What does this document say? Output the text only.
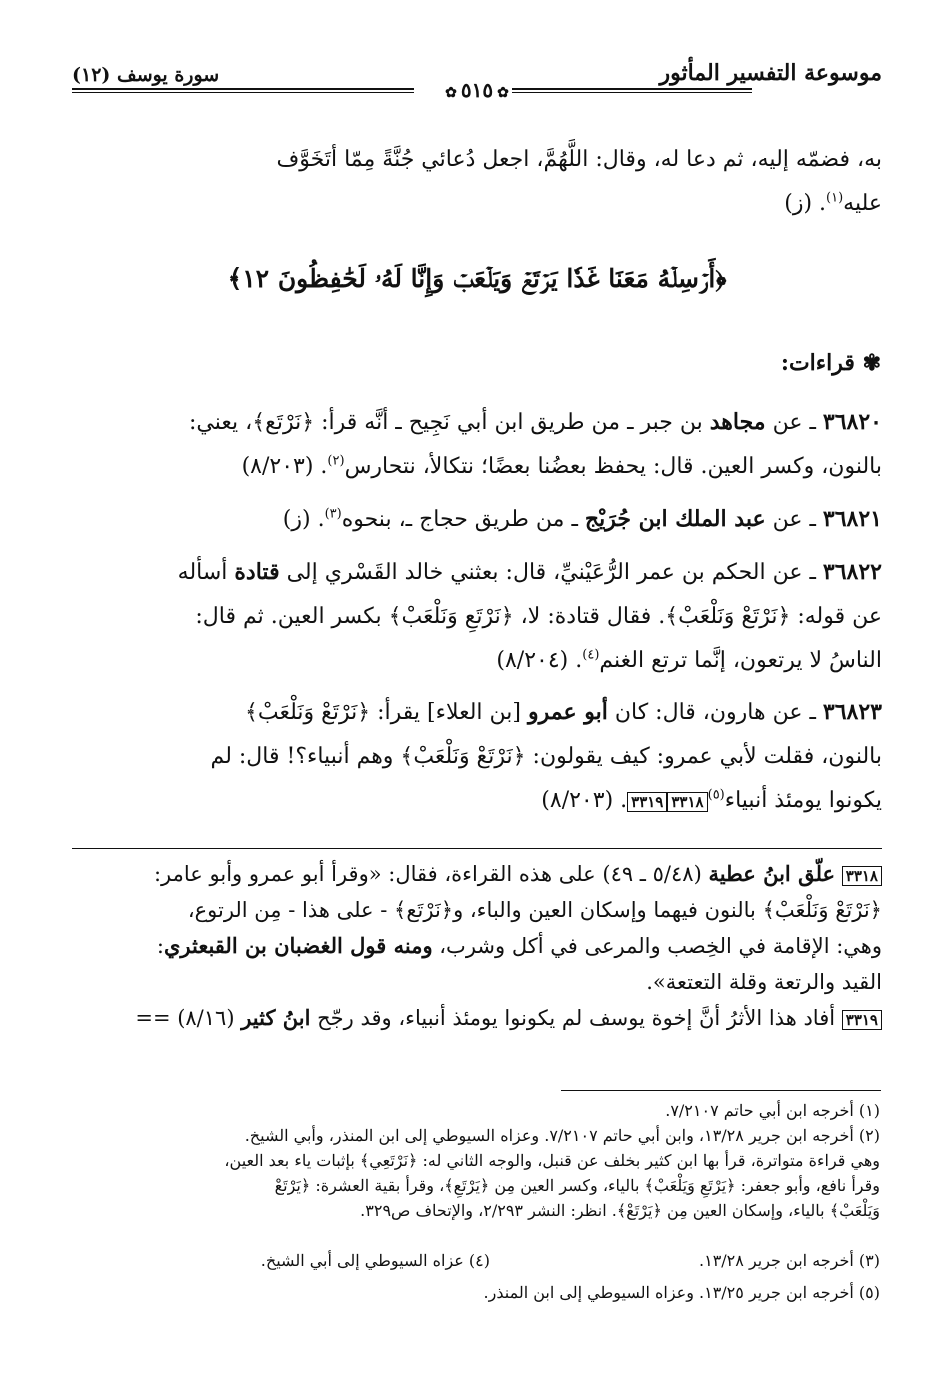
موسوعة التفسير المأثور
سورة يوسف (١٢)
✿ ٥١٥ ✿
به، فضمّه إليه، ثم دعا له، وقال: اللَّهُمَّ، اجعل دُعائي جُنَّةً مِمّا أتَخَوَّف
عليه$^{(١)}$. (ز)
﴿أَرۡسِلۡهُ مَعَنَا غَدٗا يَرۡتَعۡ وَيَلۡعَبۡ وَإِنَّا لَهُۥ لَحَٰفِظُونَ ١٢﴾
✾ قراءات:
٣٦٨٢٠ ـ عن مجاهد بن جبر ـ من طريق ابن أبي نَجِيح ـ أنَّه قرأ: ﴿نَرْتَع﴾، يعني:
بالنون، وكسر العين. قال: يحفظ بعضُنا بعضًا؛ نتكالأ، نتحارس$^{(٢)}$. (٨/٢٠٣)
٣٦٨٢١ ـ عن عبد الملك ابن جُرَيْج ـ من طريق حجاج ـ، بنحوه$^{(٣)}$. (ز)
٣٦٨٢٢ ـ عن الحكم بن عمر الرُّعَيْنيِّ، قال: بعثني خالد القَسْري إلى قتادة أسأله
عن قوله: ﴿نَرْتَعْ وَنَلْعَبْ﴾. فقال قتادة: لا، ﴿نَرْتَعِ وَنَلْعَبْ﴾ بكسر العين. ثم قال:
الناسُ لا يرتعون، إنَّما ترتع الغنم$^{(٤)}$. (٨/٢٠٤)
٣٦٨٢٣ ـ عن هارون، قال: كان أبو عمرو [بن العلاء] يقرأ: ﴿نَرْتَعْ وَنَلْعَبْ﴾
بالنون، فقلت لأبي عمرو: كيف يقولون: ﴿نَرْتَعْ وَنَلْعَبْ﴾ وهم أنبياء؟! قال: لم
يكونوا يومئذ أنبياء$^{(٥)}$٣٣١٨٣٣١٩. (٨/٢٠٣)
٣٣١٨ علّق ابنُ عطية (٥/٤٨ ـ ٤٩) على هذه القراءة، فقال: «وقرأ أبو عمرو وأبو عامر:
﴿نَرْتَعْ وَنَلْعَبْ﴾ بالنون فيهما وإسكان العين والباء، و﴿نَرْتَع﴾ - على هذا - مِن الرتوع،
وهي: الإقامة في الخِصب والمرعى في أكل وشرب، ومنه قول الغضبان بن القبعثري:
القيد والرتعة وقلة التعتعة».
٣٣١٩ أفاد هذا الأثرُ أنَّ إخوة يوسف لم يكونوا يومئذ أنبياء، وقد رجّح ابنُ كثير (٨/١٦) ==
(١) أخرجه ابن أبي حاتم ٧/٢١٠٧.
(٢) أخرجه ابن جرير ١٣/٢٨، وابن أبي حاتم ٧/٢١٠٧. وعزاه السيوطي إلى ابن المنذر، وأبي الشيخ.
وهي قراءة متواترة، قرأ بها ابن كثير بخلف عن قنبل، والوجه الثاني له: ﴿نَرْتَعِي﴾ بإثبات ياء بعد العين،
وقرأ نافع، وأبو جعفر: ﴿يَرْتَعِ وَيَلْعَبْ﴾ بالياء، وكسر العين مِن ﴿يَرْتَعِ﴾، وقرأ بقية العشرة: ﴿يَرْتَعْ
وَيَلْعَبْ﴾ بالياء، وإسكان العين مِن ﴿يَرْتَعْ﴾. انظر: النشر ٢/٢٩٣، والإتحاف ص٣٢٩.
(٣) أخرجه ابن جرير ١٣/٢٨.(٤) عزاه السيوطي إلى أبي الشيخ.
(٥) أخرجه ابن جرير ١٣/٢٥. وعزاه السيوطي إلى ابن المنذر.
